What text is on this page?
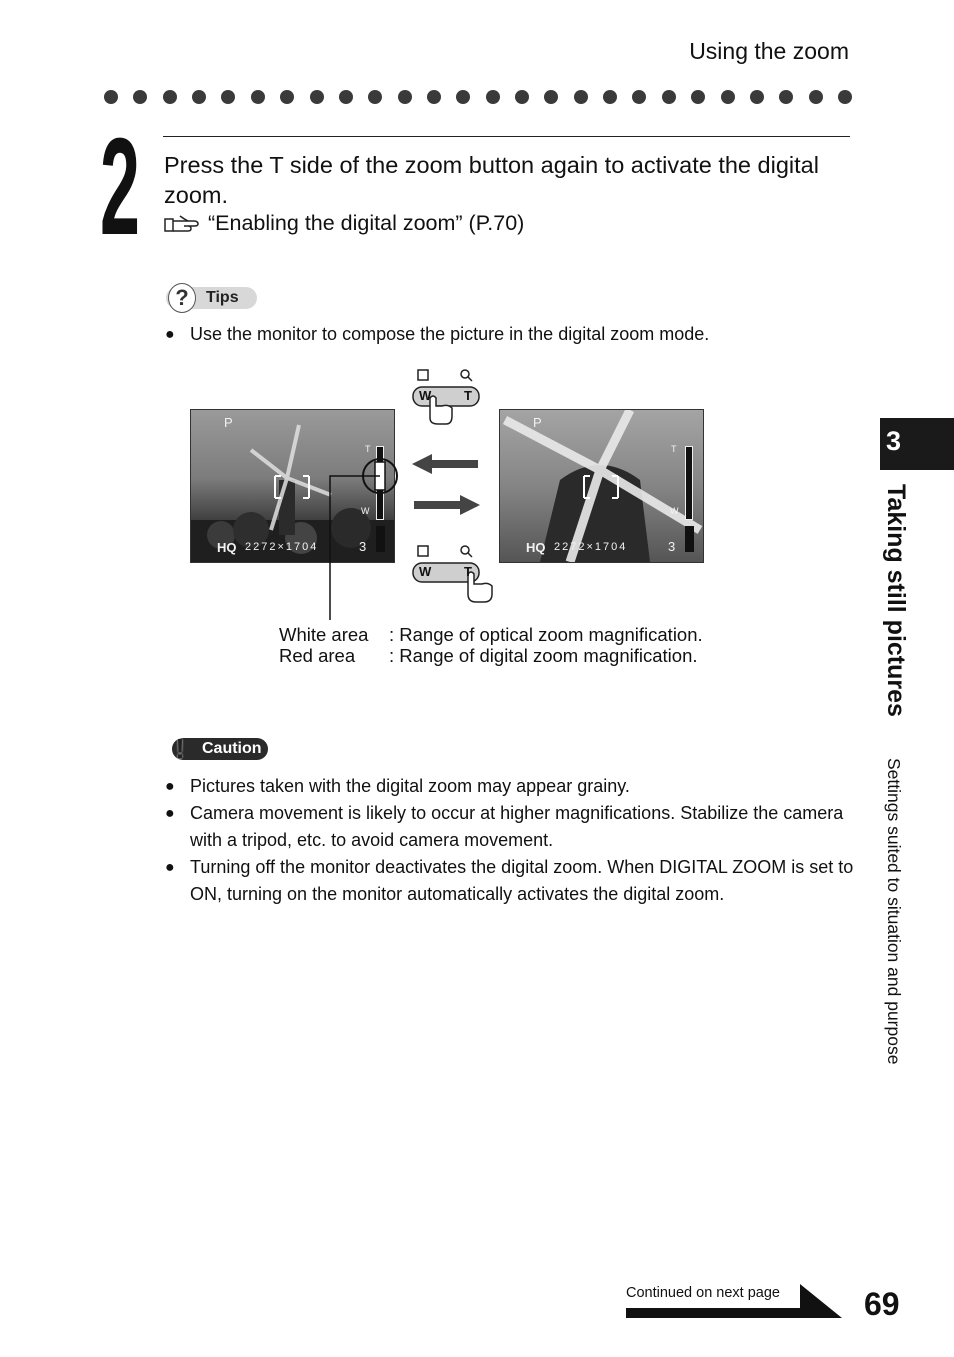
Using the zoom
2 Press the T side of the zoom button again to activate the digital zoom.
“Enabling the digital zoom” (P.70)
?	Tips
● Use the monitor to compose the picture in the digital zoom mode.
P
T
W
HQ 2272×1704	3
P
T
W
HQ 2272×1704	3
W	T
W	T
White area	: Range of optical zoom magnification.
Red area	: Range of digital zoom magnification.
!	Caution
● Pictures taken with the digital zoom may appear grainy.
● Camera movement is likely to occur at higher magnifications. Stabilize the camera with a tripod, etc. to avoid camera movement.
● Turning off the monitor deactivates the digital zoom. When DIGITAL ZOOM is set to ON, turning on the monitor automatically activates the digital zoom.
3
Taking still pictures
Settings suited to situation and purpose
Continued on next page	69
